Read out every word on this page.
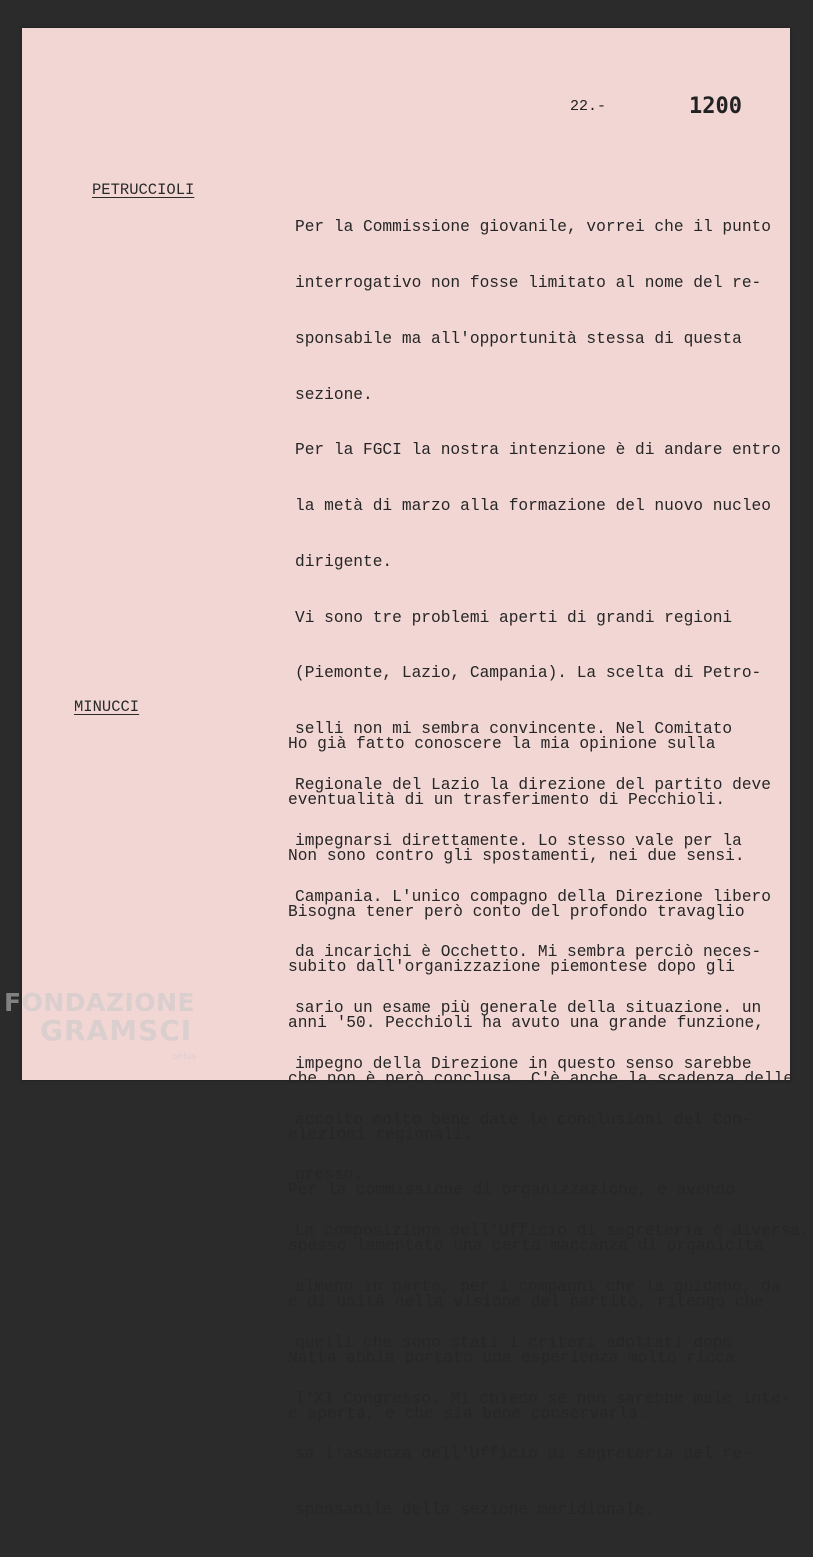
22.-	1200
PETRUCCIOLI

Per la Commissione giovanile, vorrei che il punto

interrogativo non fosse limitato al nome del re-

sponsabile ma all'opportunità stessa di questa

sezione.

Per la FGCI la nostra intenzione è di andare entro

la metà di marzo alla formazione del nuovo nucleo

dirigente.

Vi sono tre problemi aperti di grandi regioni

(Piemonte, Lazio, Campania). La scelta di Petro-

selli non mi sembra convincente. Nel Comitato

Regionale del Lazio la direzione del partito deve

impegnarsi direttamente. Lo stesso vale per la

Campania. L'unico compagno della Direzione libero

da incarichi è Occhetto. Mi sembra perciò neces-

sario un esame più generale della situazione. un

impegno della Direzione in questo senso sarebbe

accolto molto bene date le conclusioni del Con-

gresso.

La composizione dell'Ufficio di segreteria è diversa,

almeno in parte, per i compagni che la guidano, da

quelli che sono stati i criteri adottati dopo

l'XI Congresso. Mi chiedo se non sarebbe male inte-

sa l'assenza dell'Ufficio di segreteria del re-

sponsabile della sezione meridionale.

MINUCCI

Ho già fatto conoscere la mia opinione sulla

eventualità di un trasferimento di Pecchioli.

Non sono contro gli spostamenti, nei due sensi.

Bisogna tener però conto del profondo travaglio

subito dall'organizzazione piemontese dopo gli

anni '50. Pecchioli ha avuto una grande funzione,

che non è però conclusa. C'è anche la scadenza delle

elezioni regionali.

Per la commissione di organizzazione, e avendo

spesso lamentato una certa mancanza di organicità

e di unità nella visione del partito, ritengo che

Natta abbia portato una esperienza molto ricca

e aperta, e che sia bene conservarla.

FONDAZIONE
GRAMSCI
onlus
